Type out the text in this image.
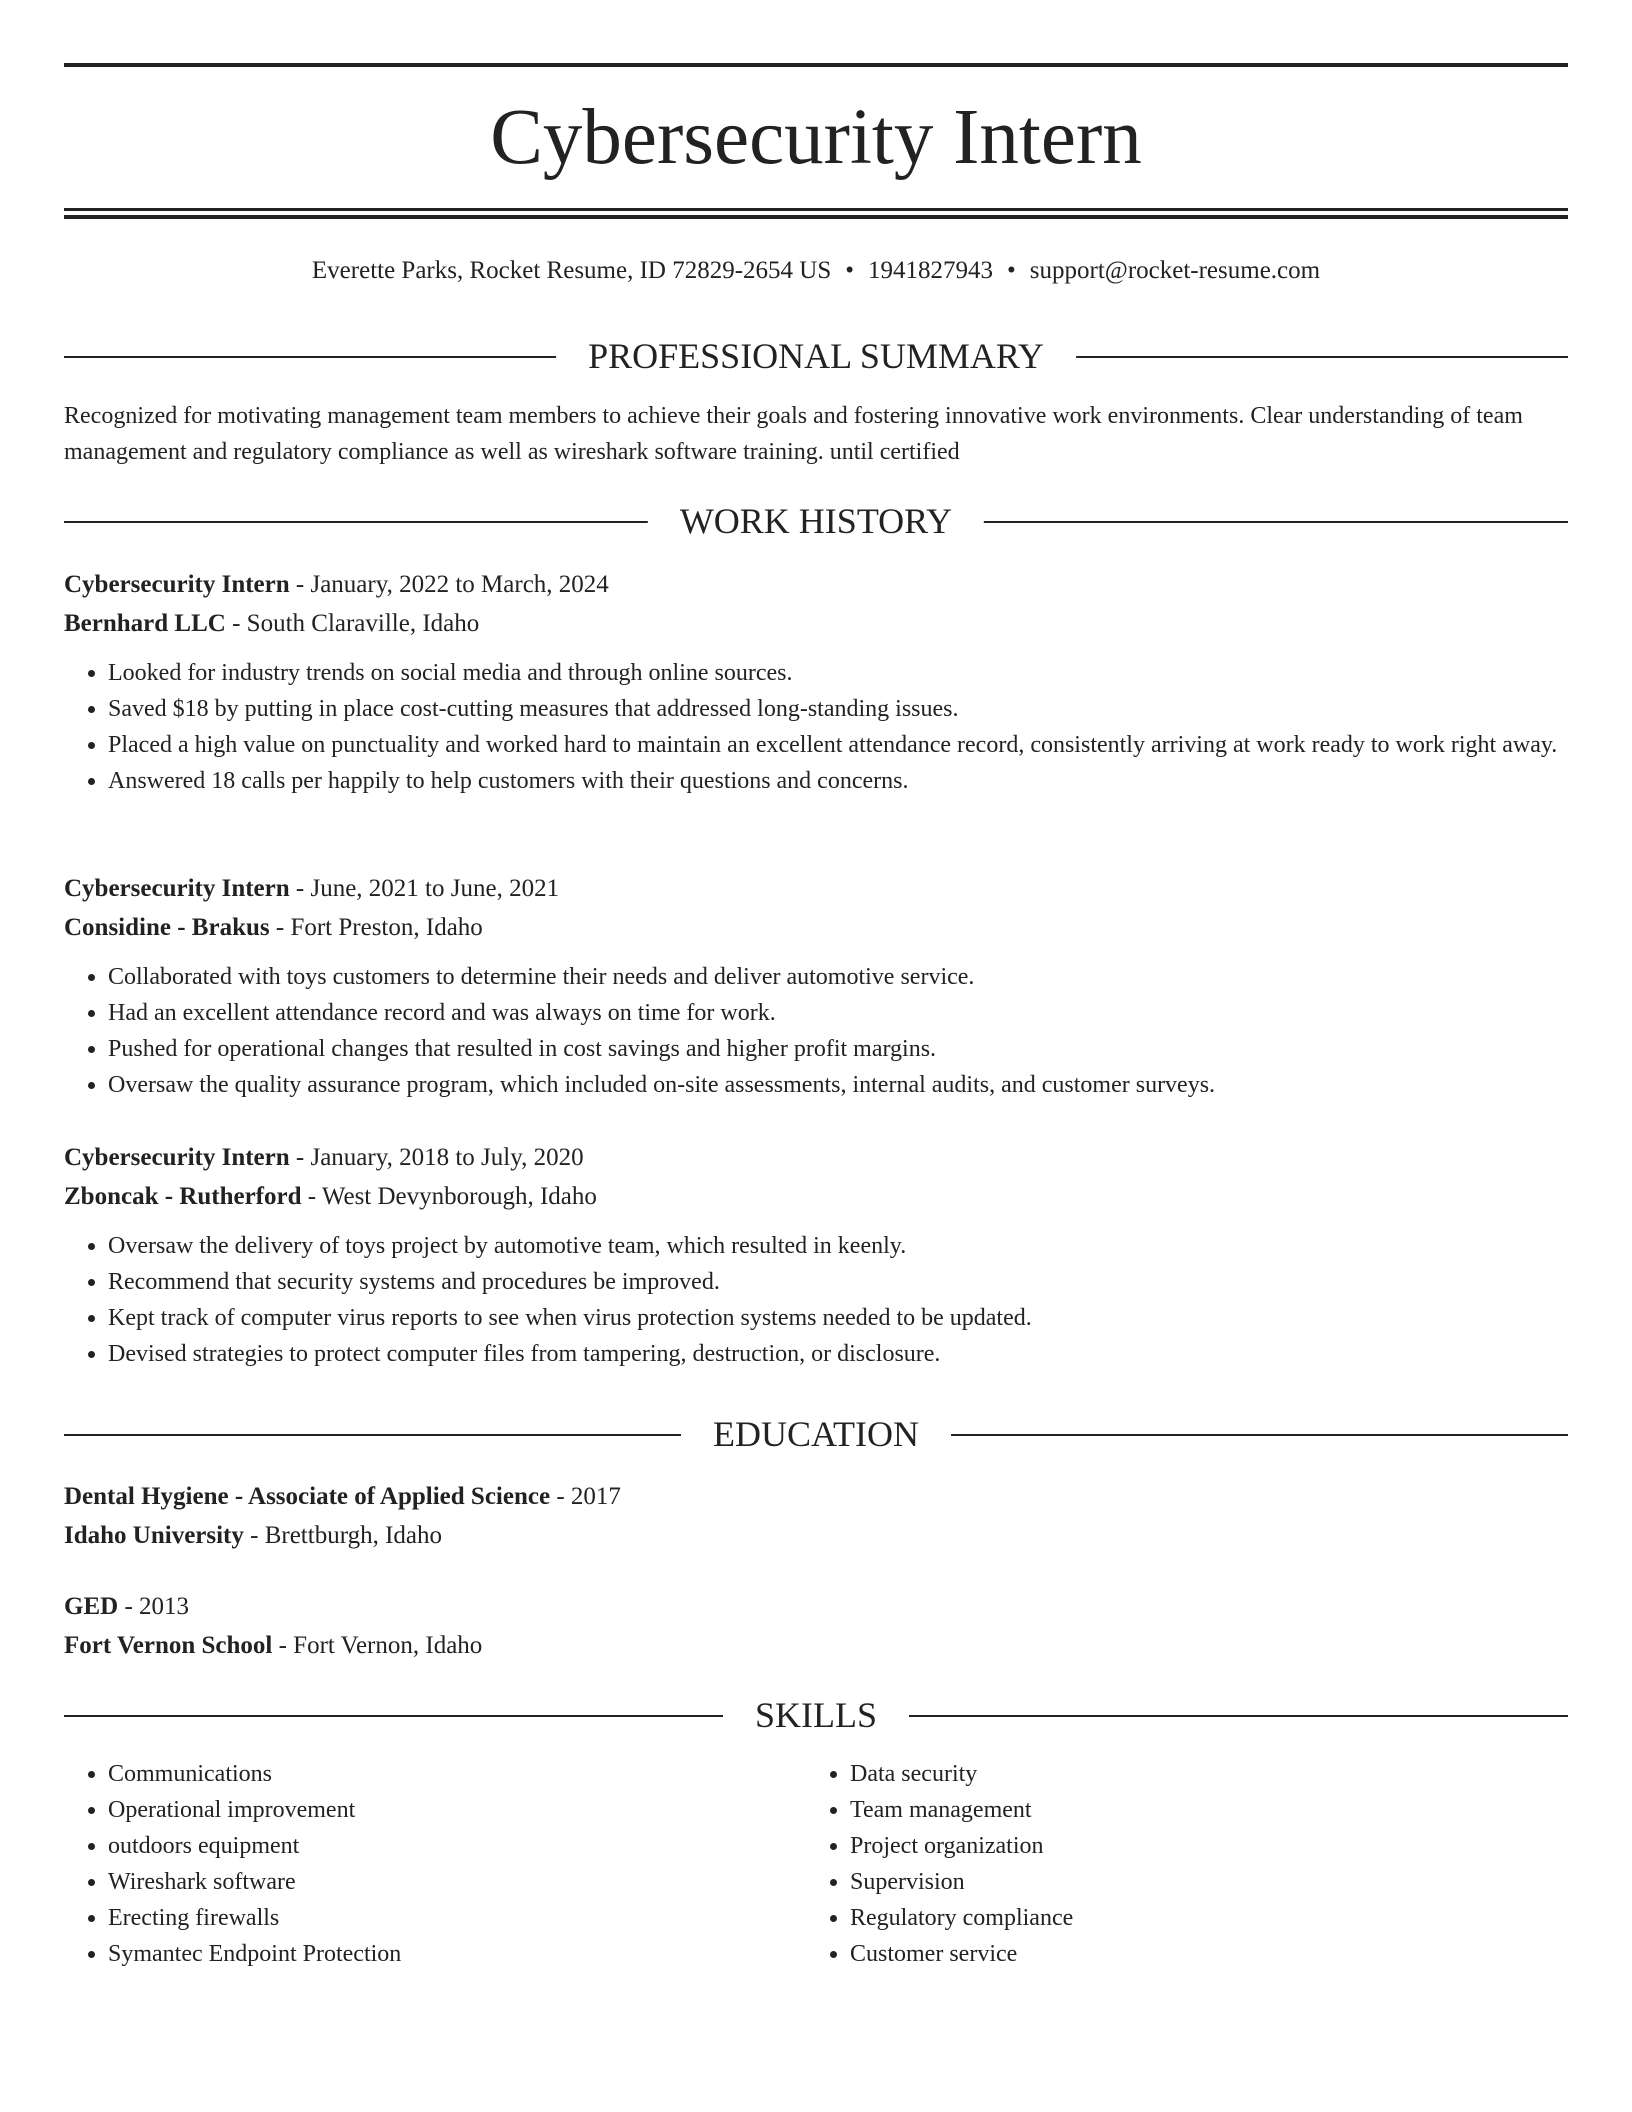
Cybersecurity Intern
Everette Parks, Rocket Resume, ID 72829-2654 US • 1941827943 • support@rocket-resume.com
PROFESSIONAL SUMMARY

Recognized for motivating management team members to achieve their goals and fostering innovative work environments. Clear understanding of team management and regulatory compliance as well as wireshark software training. until certified

WORK HISTORY
Cybersecurity Intern - January, 2022 to March, 2024
Bernhard LLC - South Claraville, Idaho
• Looked for industry trends on social media and through online sources.
• Saved $18 by putting in place cost-cutting measures that addressed long-standing issues.
• Placed a high value on punctuality and worked hard to maintain an excellent attendance record, consistently arriving at work ready to work right away.
• Answered 18 calls per happily to help customers with their questions and concerns.
Cybersecurity Intern - June, 2021 to June, 2021
Considine - Brakus - Fort Preston, Idaho
• Collaborated with toys customers to determine their needs and deliver automotive service.
• Had an excellent attendance record and was always on time for work.
• Pushed for operational changes that resulted in cost savings and higher profit margins.
• Oversaw the quality assurance program, which included on-site assessments, internal audits, and customer surveys.
Cybersecurity Intern - January, 2018 to July, 2020
Zboncak - Rutherford - West Devynborough, Idaho
• Oversaw the delivery of toys project by automotive team, which resulted in keenly.
• Recommend that security systems and procedures be improved.
• Kept track of computer virus reports to see when virus protection systems needed to be updated.
• Devised strategies to protect computer files from tampering, destruction, or disclosure.
EDUCATION
Dental Hygiene - Associate of Applied Science - 2017
Idaho University - Brettburgh, Idaho
GED - 2013
Fort Vernon School - Fort Vernon, Idaho
SKILLS
• Communications
• Operational improvement
• outdoors equipment
• Wireshark software
• Erecting firewalls
• Symantec Endpoint Protection
• Data security
• Team management
• Project organization
• Supervision
• Regulatory compliance
• Customer service
